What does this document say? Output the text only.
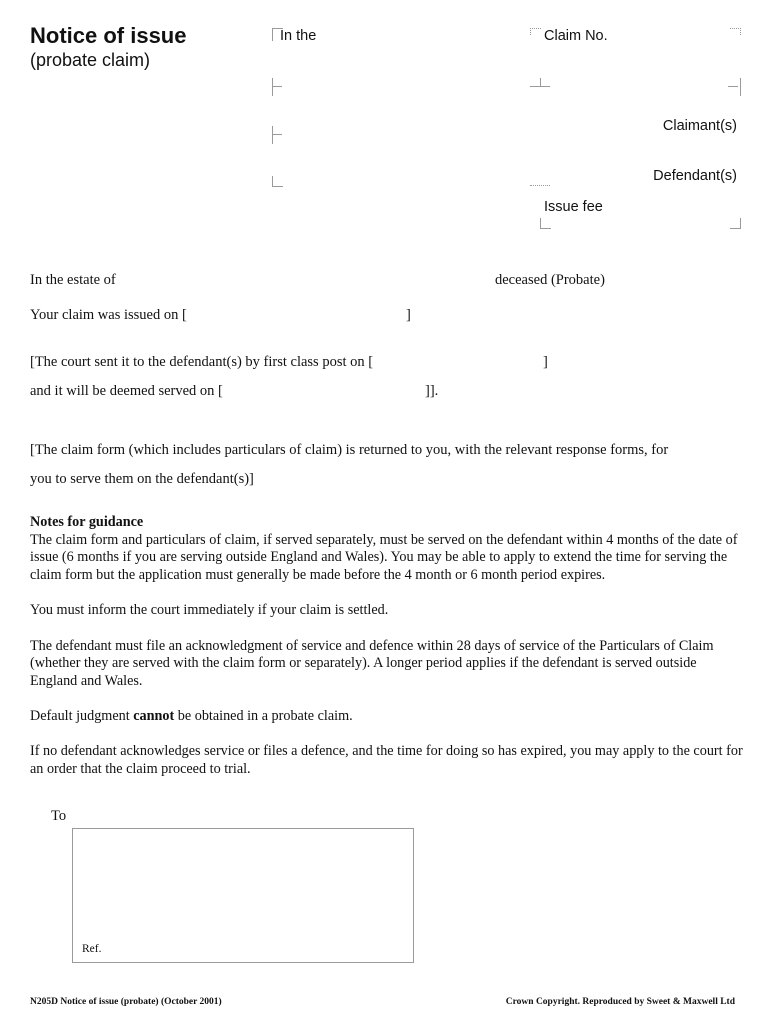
Notice of issue
(probate claim)
In the	Claim No.
Claimant(s)
Defendant(s)
Issue fee
In the estate of	deceased (Probate)
Your claim was issued on [	]
[The court sent it to the defendant(s) by first class post on [	]
and it will be deemed served on [	]].
[The claim form (which includes particulars of claim) is returned to you, with the relevant response forms, for
you to serve them on the defendant(s)]

Notes for guidance
The claim form and particulars of claim, if served separately, must be served on the defendant within 4 months of the date of issue (6 months if you are serving outside England and Wales). You may be able to apply to extend the time for serving the claim form but the application must generally be made before the 4 month or 6 month period expires.

You must inform the court immediately if your claim is settled.

The defendant must file an acknowledgment of service and defence within 28 days of service of the Particulars of Claim (whether they are served with the claim form or separately). A longer period applies if the defendant is served outside England and Wales.

Default judgment cannot be obtained in a probate claim.

If no defendant acknowledges service or files a defence, and the time for doing so has expired, you may apply to the court for an order that the claim proceed to trial.

To
Ref.
N205D Notice of issue (probate) (October 2001)	Crown Copyright. Reproduced by Sweet & Maxwell Ltd
